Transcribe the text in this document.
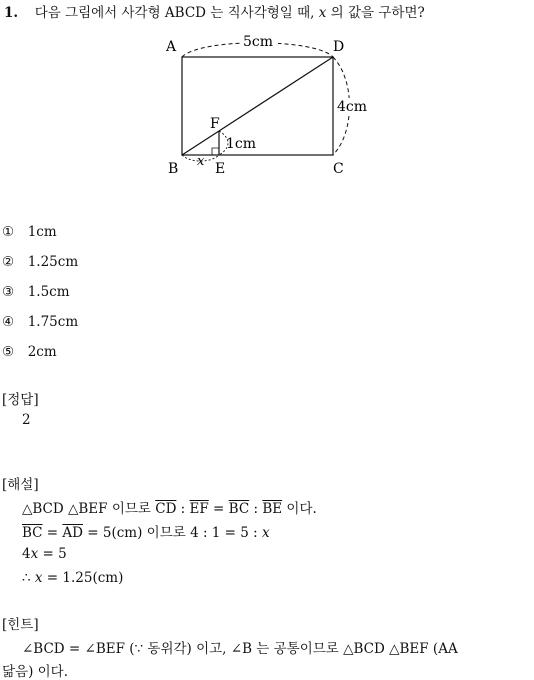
1. 다음 그림에서 사각형 ABCD 는 직사각형일 때, x 의 값을 구하면?
A	D
B	C
E
F
5cm
4cm
1cm
x
① 1cm
② 1.25cm
③ 1.5cm
④ 1.75cm
⑤ 2cm
[정답]
2
[해설]
△BCD △BEF 이므로 $\overline{CD}$ : $\overline{EF} = \overline{BC}$ : $\overline{BE}$ 이다.
$\overline{BC} = \overline{AD} = 5(cm)$ 이므로 4 : 1 = 5 : x
4x = 5
∴ x = 1.25(cm)
[힌트]
∠BCD = ∠BEF (∵ 동위각) 이고, ∠B 는 공통이므로 △BCD △BEF (AA
닮음) 이다.
